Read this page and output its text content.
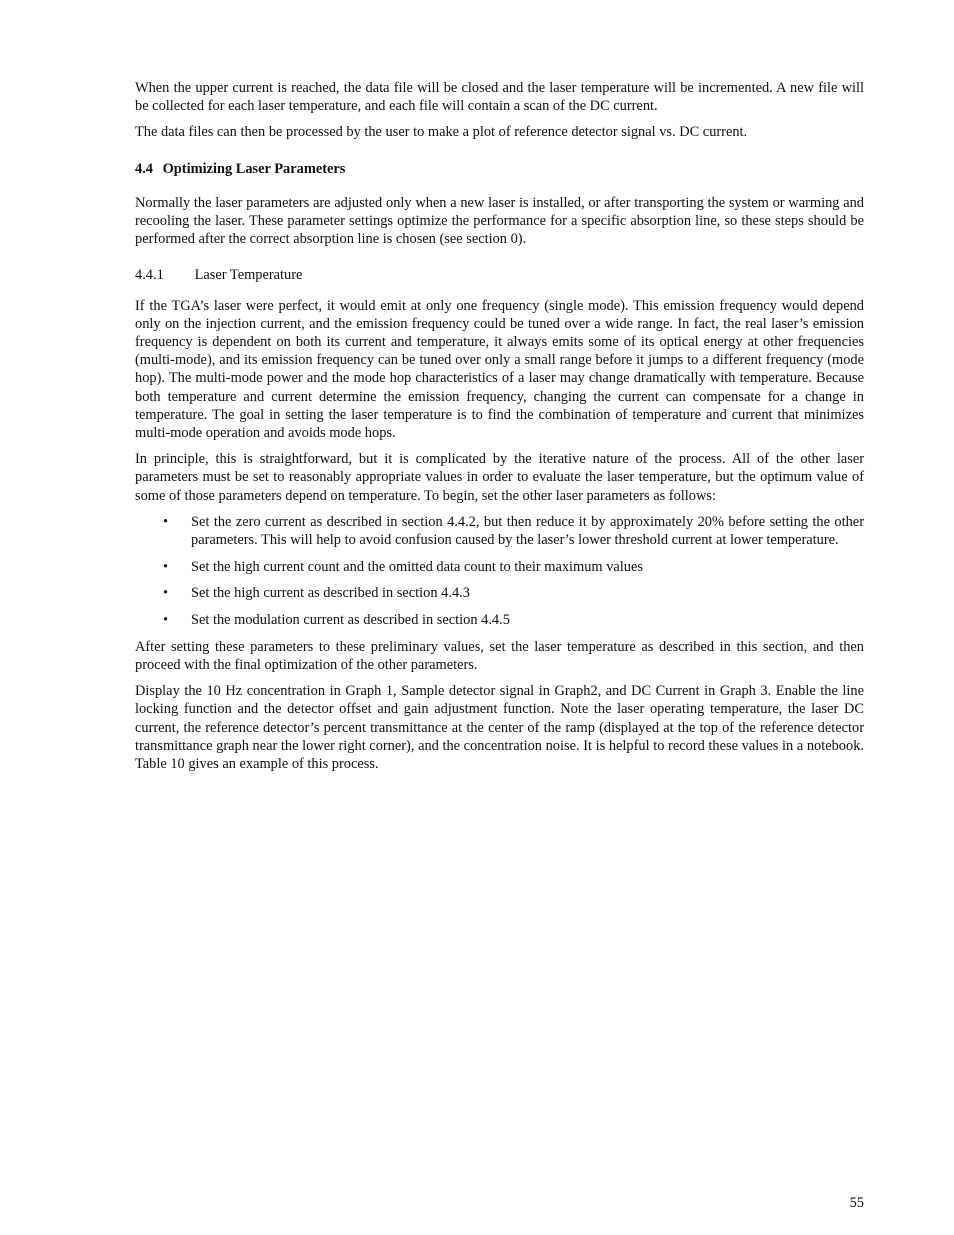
When the upper current is reached, the data file will be closed and the laser temperature will be incremented. A new file will be collected for each laser temperature, and each file will contain a scan of the DC current.

The data files can then be processed by the user to make a plot of reference detector signal vs. DC current.

4.4 Optimizing Laser Parameters

Normally the laser parameters are adjusted only when a new laser is installed, or after transporting the system or warming and recooling the laser. These parameter settings optimize the performance for a specific absorption line, so these steps should be performed after the correct absorption line is chosen (see section 0).

4.4.1 Laser Temperature

If the TGA’s laser were perfect, it would emit at only one frequency (single mode). This emission frequency would depend only on the injection current, and the emission frequency could be tuned over a wide range. In fact, the real laser’s emission frequency is dependent on both its current and temperature, it always emits some of its optical energy at other frequencies (multi-mode), and its emission frequency can be tuned over only a small range before it jumps to a different frequency (mode hop). The multi-mode power and the mode hop characteristics of a laser may change dramatically with temperature. Because both temperature and current determine the emission frequency, changing the current can compensate for a change in temperature. The goal in setting the laser temperature is to find the combination of temperature and current that minimizes multi-mode operation and avoids mode hops.

In principle, this is straightforward, but it is complicated by the iterative nature of the process. All of the other laser parameters must be set to reasonably appropriate values in order to evaluate the laser temperature, but the optimum value of some of those parameters depend on temperature. To begin, set the other laser parameters as follows:

• Set the zero current as described in section 4.4.2, but then reduce it by approximately 20% before setting the other parameters. This will help to avoid confusion caused by the laser’s lower threshold current at lower temperature.
• Set the high current count and the omitted data count to their maximum values
• Set the high current as described in section 4.4.3
• Set the modulation current as described in section 4.4.5

After setting these parameters to these preliminary values, set the laser temperature as described in this section, and then proceed with the final optimization of the other parameters.

Display the 10 Hz concentration in Graph 1, Sample detector signal in Graph2, and DC Current in Graph 3. Enable the line locking function and the detector offset and gain adjustment function. Note the laser operating temperature, the laser DC current, the reference detector’s percent transmittance at the center of the ramp (displayed at the top of the reference detector transmittance graph near the lower right corner), and the concentration noise. It is helpful to record these values in a notebook. Table 10 gives an example of this process.

55
